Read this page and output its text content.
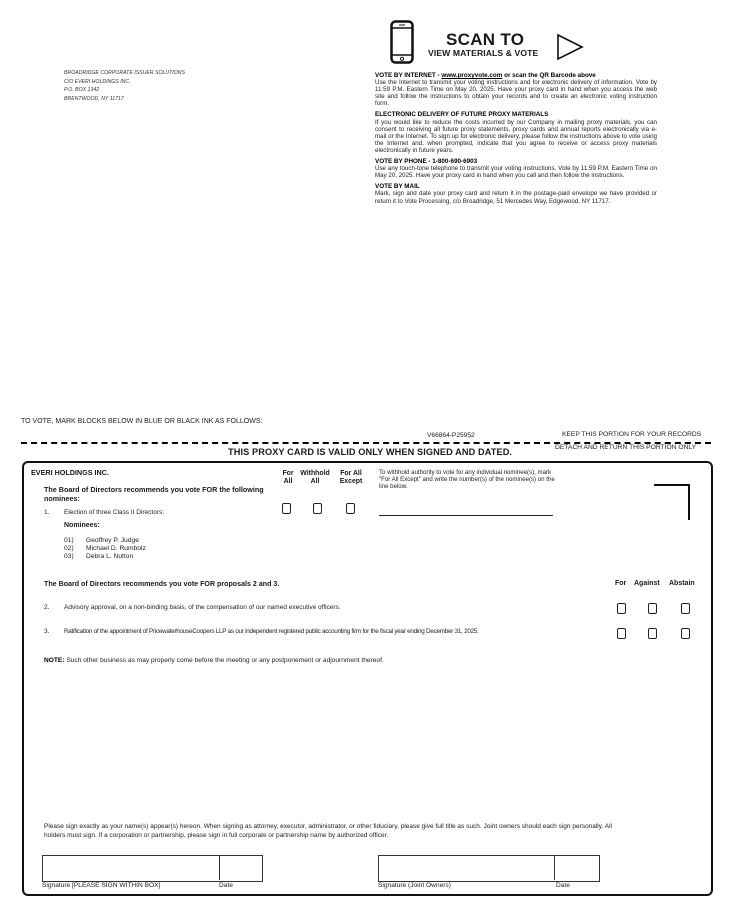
BROADRIDGE CORPORATE ISSUER SOLUTIONS
C/O EVERI HOLDINGS INC.
P.O. BOX 1342
BRENTWOOD, NY 11717
SCAN TO
VIEW MATERIALS & VOTE
VOTE BY INTERNET - www.proxyvote.com or scan the QR Barcode above

Use the Internet to transmit your voting instructions and for electronic delivery of information. Vote by 11:59 P.M. Eastern Time on May 20, 2025. Have your proxy card in hand when you access the web site and follow the instructions to obtain your records and to create an electronic voting instruction form.

ELECTRONIC DELIVERY OF FUTURE PROXY MATERIALS

If you would like to reduce the costs incurred by our Company in mailing proxy materials, you can consent to receiving all future proxy statements, proxy cards and annual reports electronically via e-mail or the Internet. To sign up for electronic delivery, please follow the instructions above to vote using the Internet and, when prompted, indicate that you agree to receive or access proxy materials electronically in future years.

VOTE BY PHONE - 1-800-690-6903

Use any touch-tone telephone to transmit your voting instructions. Vote by 11:59 P.M. Eastern Time on May 20, 2025. Have your proxy card in hand when you call and then follow the instructions.

VOTE BY MAIL

Mark, sign and date your proxy card and return it in the postage-paid envelope we have provided or return it to Vote Processing, c/o Broadridge, 51 Mercedes Way, Edgewood, NY 11717.

TO VOTE, MARK BLOCKS BELOW IN BLUE OR BLACK INK AS FOLLOWS:
V66864-P25952	KEEP THIS PORTION FOR YOUR RECORDS
DETACH AND RETURN THIS PORTION ONLY
THIS PROXY CARD IS VALID ONLY WHEN SIGNED AND DATED.
EVERI HOLDINGS INC.
The Board of Directors recommends you vote FOR the following nominees:
For
All
Withhold
All
For All
Except
To withhold authority to vote for any individual nominee(s), mark "For All Except" and write the number(s) of the nominee(s) on the line below.
1. Election of three Class II Directors:
Nominees:
01) Geoffrey P. Judge
02) Michael D. Rumbolz
03) Debra L. Nutton
The Board of Directors recommends you vote FOR proposals 2 and 3.	For Against Abstain
2. Advisory approval, on a non-binding basis, of the compensation of our named executive officers.
3. Ratification of the appointment of PricewaterhouseCoopers LLP as our independent registered public accounting firm for the fiscal year ending December 31, 2025.
NOTE: Such other business as may properly come before the meeting or any postponement or adjournment thereof.
Please sign exactly as your name(s) appear(s) hereon. When signing as attorney, executor, administrator, or other fiduciary, please give full title as such. Joint owners should each sign personally. All holders must sign. If a corporation or partnership, please sign in full corporate or partnership name by authorized officer.
Signature [PLEASE SIGN WITHIN BOX]	Date	Signature (Joint Owners)	Date
